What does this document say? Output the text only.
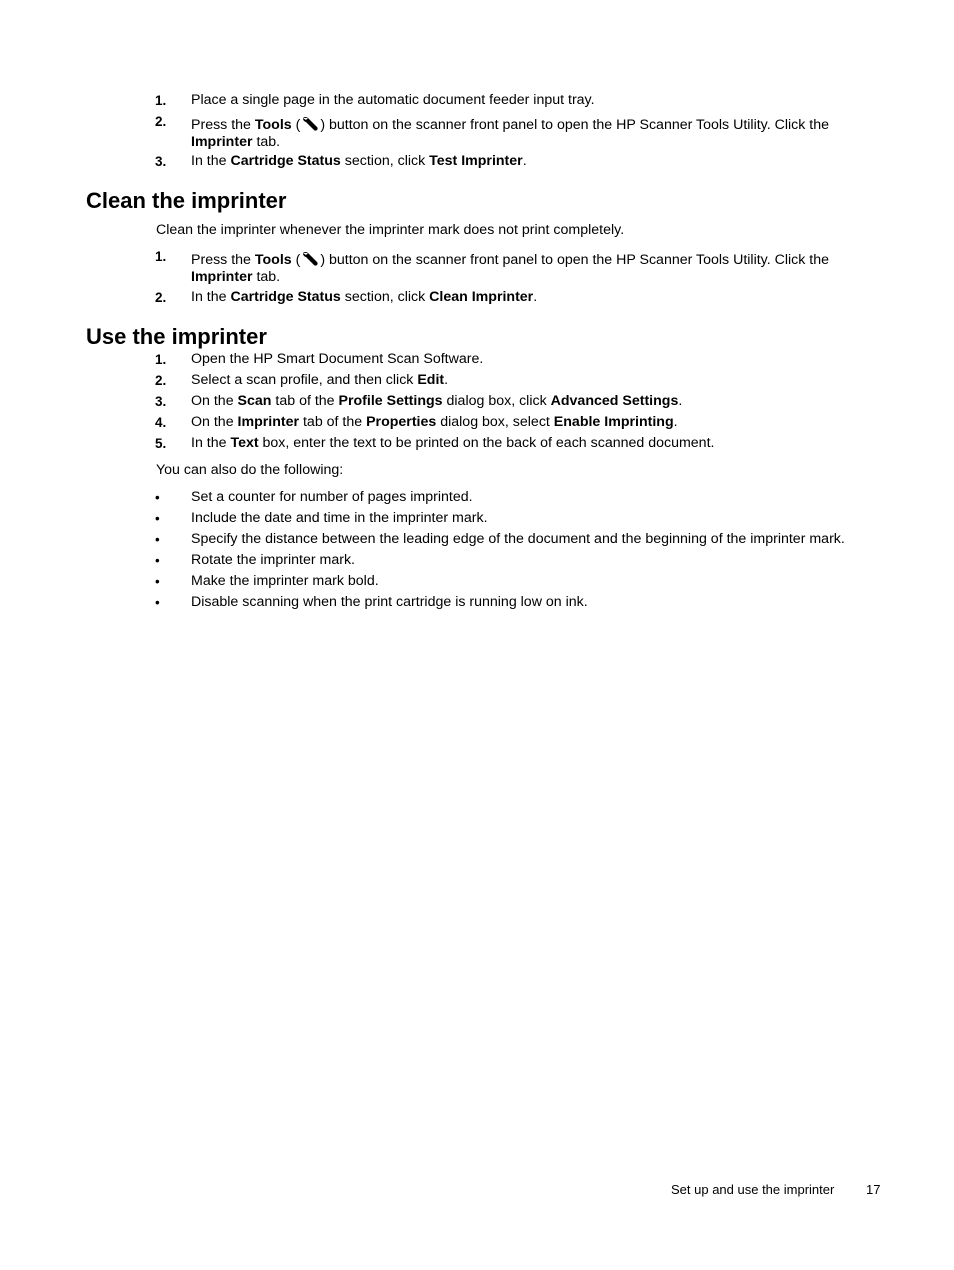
1. Place a single page in the automatic document feeder input tray.
2. Press the Tools ( ) button on the scanner front panel to open the HP Scanner Tools Utility. Click the
Imprinter tab.
3. In the Cartridge Status section, click Test Imprinter.
Clean the imprinter
Clean the imprinter whenever the imprinter mark does not print completely.
1. Press the Tools ( ) button on the scanner front panel to open the HP Scanner Tools Utility. Click the
Imprinter tab.
2. In the Cartridge Status section, click Clean Imprinter.
Use the imprinter
1. Open the HP Smart Document Scan Software.
2. Select a scan profile, and then click Edit.
3. On the Scan tab of the Profile Settings dialog box, click Advanced Settings.
4. On the Imprinter tab of the Properties dialog box, select Enable Imprinting.
5. In the Text box, enter the text to be printed on the back of each scanned document.
You can also do the following:
• Set a counter for number of pages imprinted.
• Include the date and time in the imprinter mark.
• Specify the distance between the leading edge of the document and the beginning of the imprinter mark.
• Rotate the imprinter mark.
• Make the imprinter mark bold.
• Disable scanning when the print cartridge is running low on ink.
Set up and use the imprinter 17
